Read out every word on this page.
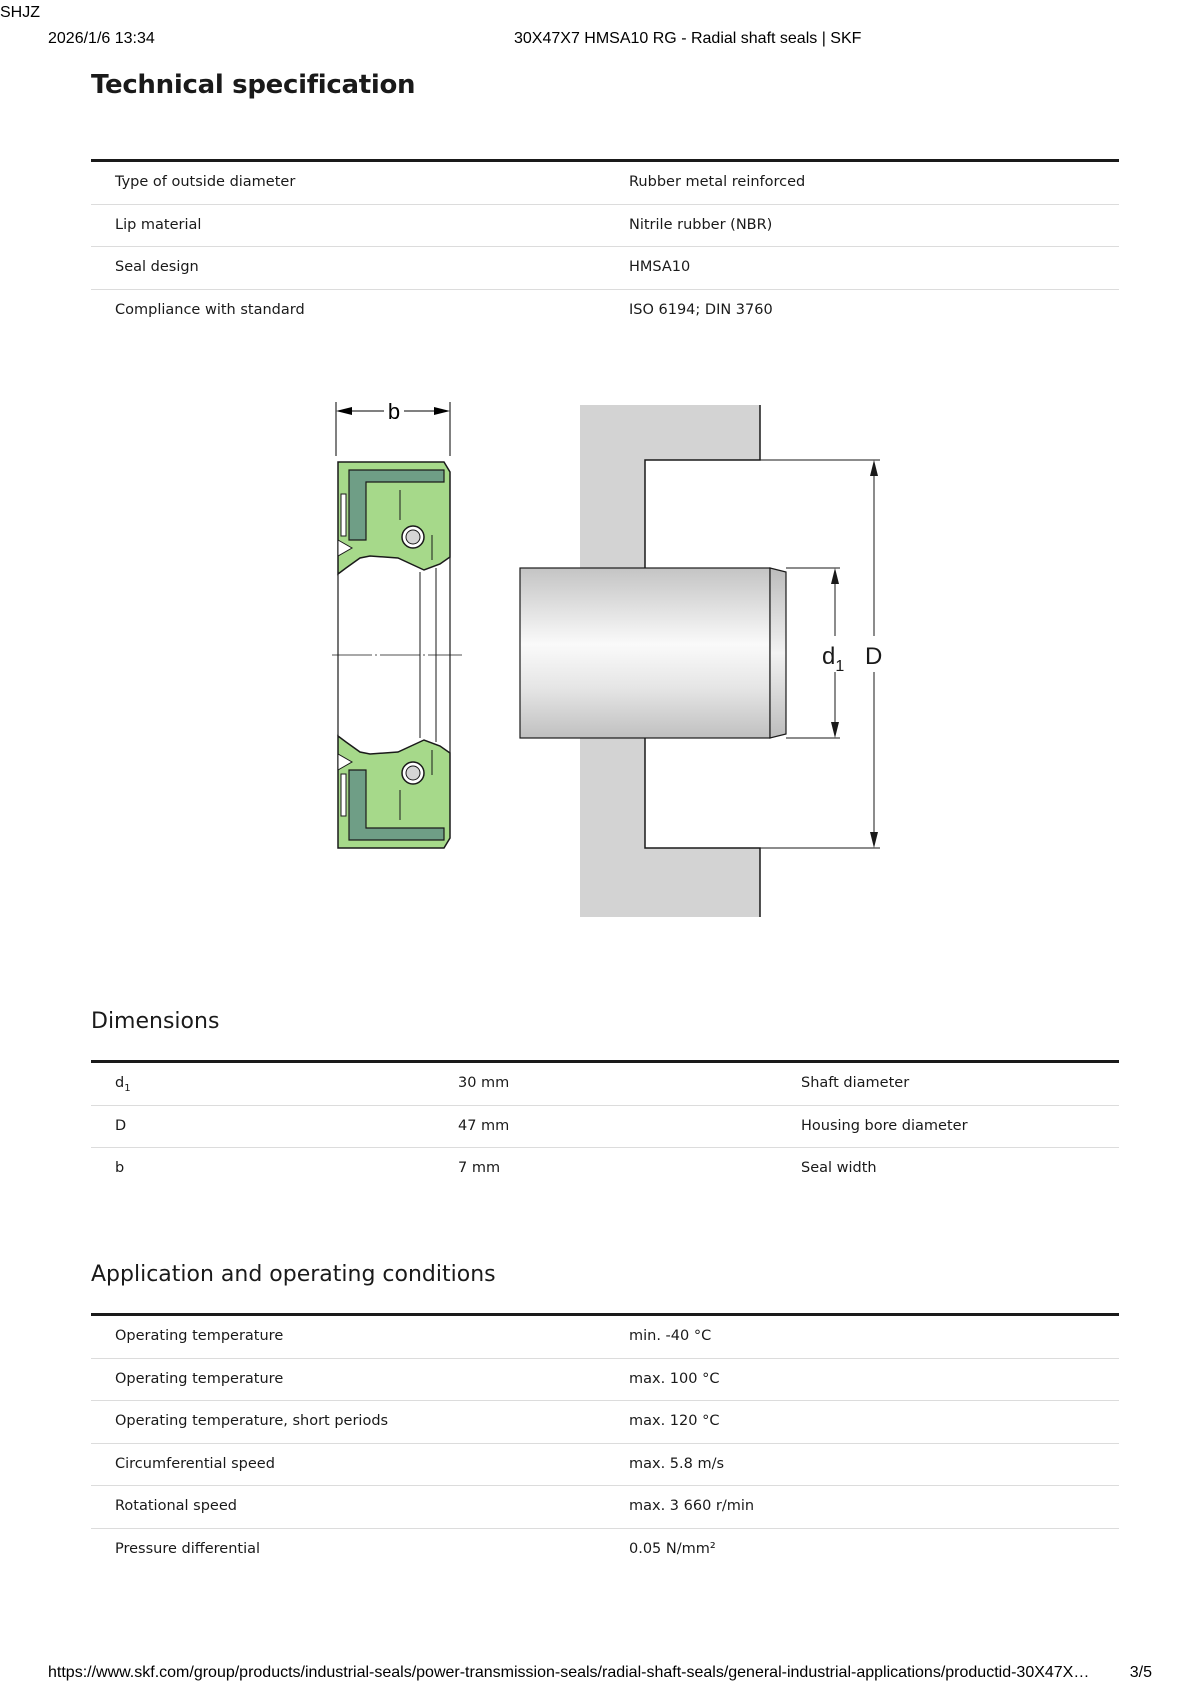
SHJZ
2026/1/6 13:34	30X47X7 HMSA10 RG - Radial shaft seals | SKF
Technical specification
Type of outside diameter	Rubber metal reinforced
Lip material	Nitrile rubber (NBR)
Seal design	HMSA10
Compliance with standard	ISO 6194; DIN 3760
b
$d_1$ D
Dimensions
$d_1$	30 mm	Shaft diameter
D	47 mm	Housing bore diameter
b	7 mm	Seal width
Application and operating conditions
Operating temperature	min. -40 °C
Operating temperature	max. 100 °C
Operating temperature, short periods	max. 120 °C
Circumferential speed	max. 5.8 m/s
Rotational speed	max. 3 660 r/min
Pressure differential	0.05 N/mm²
https://www.skf.com/group/products/industrial-seals/power-transmission-seals/radial-shaft-seals/general-industrial-applications/productid-30X47X…	3/5
